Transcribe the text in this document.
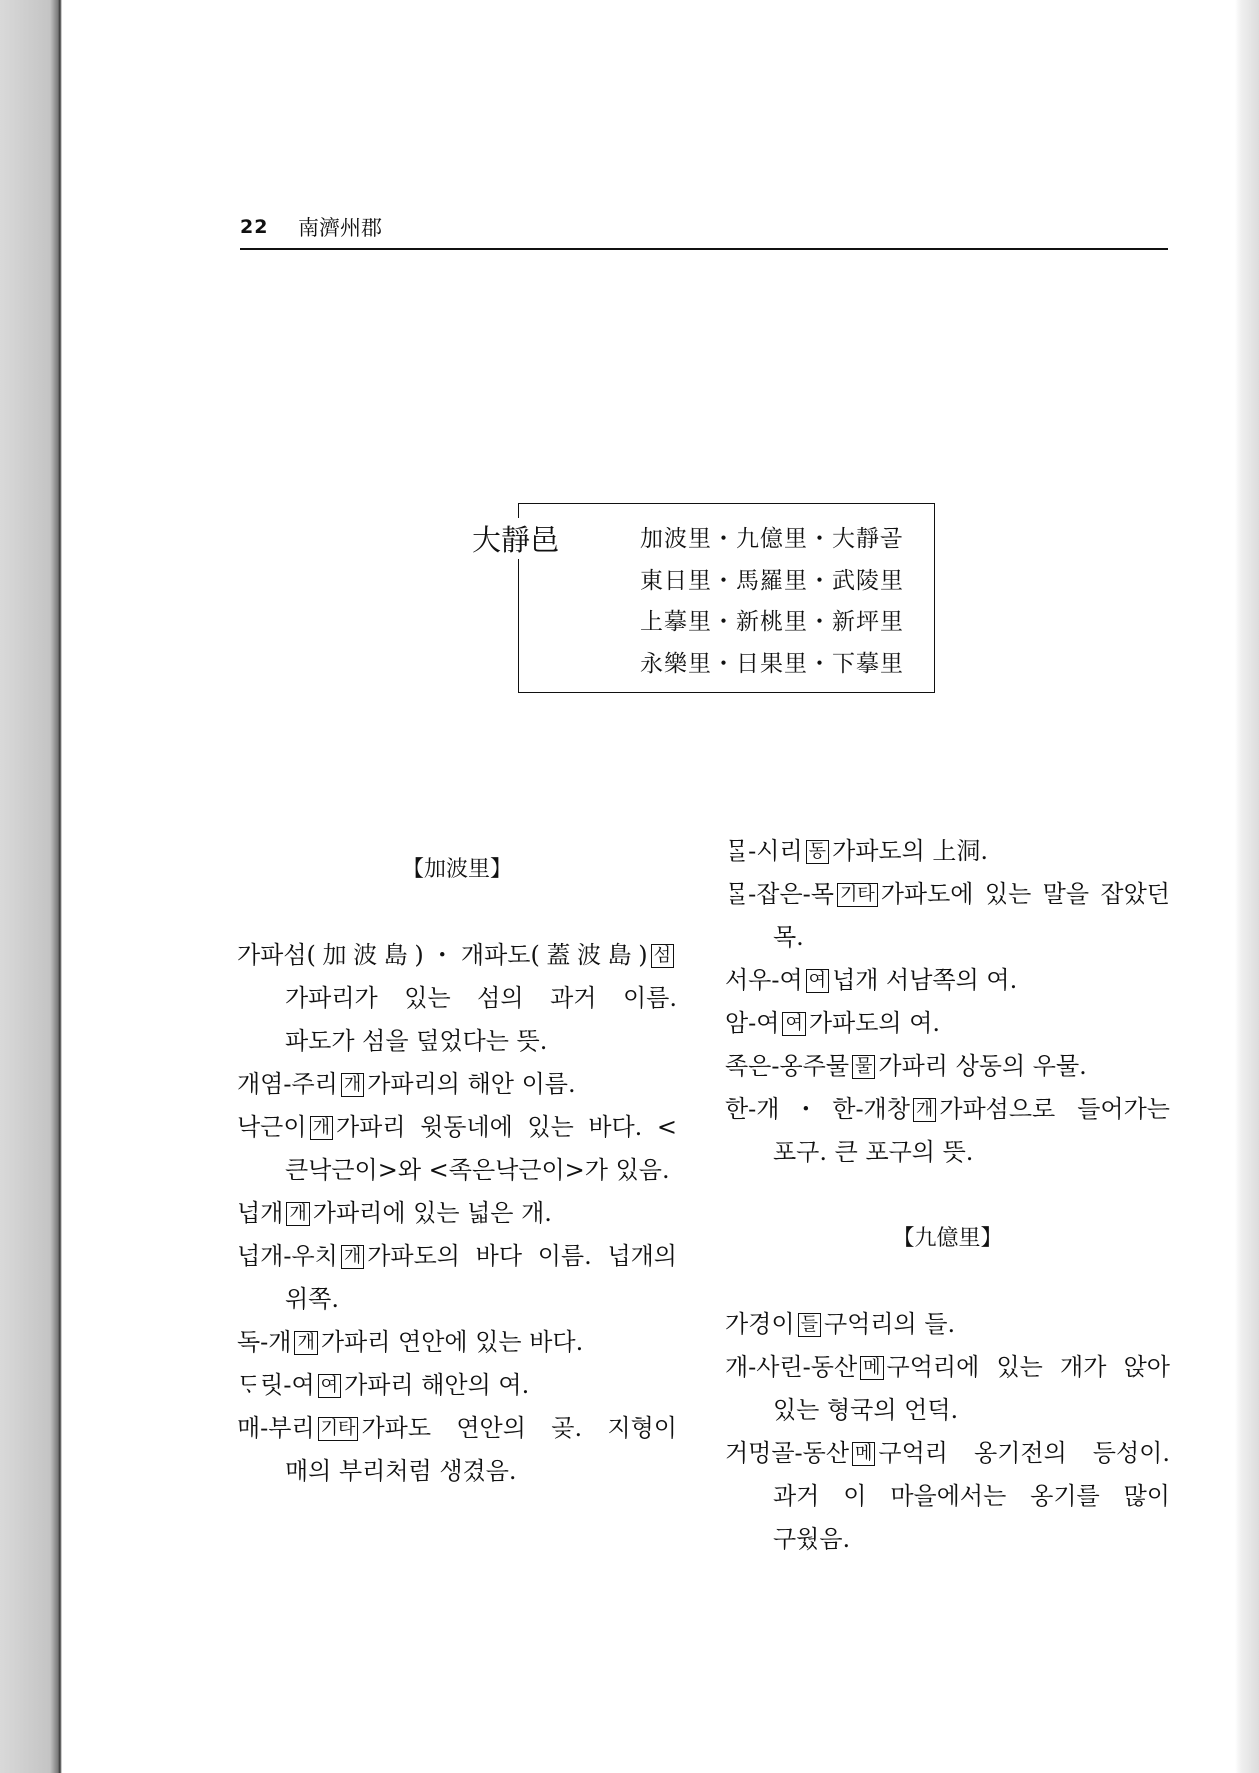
22 南濟州郡
大靜邑	加波里・九億里・大靜골
東日里・馬羅里・武陵里
上摹里・新桃里・新坪里
永樂里・日果里・下摹里
【加波里】

가파섬(加波島)・개파도(蓋波島) 섬가파리가 있는 섬의 과거 이름. 파도가 섬을 덮었다는 뜻.

개염-주리 개 가파리의 해안 이름.

낙근이 개 가파리 윗동네에 있는 바다. <큰낙근이>와 <족은낙근이>가 있음.

넙개 개 가파리에 있는 넓은 개.

넙개-우치 개 가파도의 바다 이름. 넙개의 위쪽.

독-개 개 가파리 연안에 있는 바다.

ᄃᆞ릿-여 여 가파리 해안의 여.

매-부리 기타 가파도 연안의 곶. 지형이 매의 부리처럼 생겼음.

ᄆᆞᆯ-시리 동 가파도의 上洞.

ᄆᆞᆯ-잡은-목 기타 가파도에 있는 말을 잡았던 목.

서우-여 여 넙개 서남쪽의 여.

암-여 여 가파도의 여.

족은-옹주물 물 가파리 상동의 우물.

한-개・한-개창 개 가파섬으로 들어가는 포구. 큰 포구의 뜻.

【九億里】

가경이 들 구억리의 들.

개-사린-동산 메 구억리에 있는 개가 앉아 있는 형국의 언덕.

거멍골-동산 메 구억리 옹기전의 등성이. 과거 이 마을에서는 옹기를 많이 구웠음.
